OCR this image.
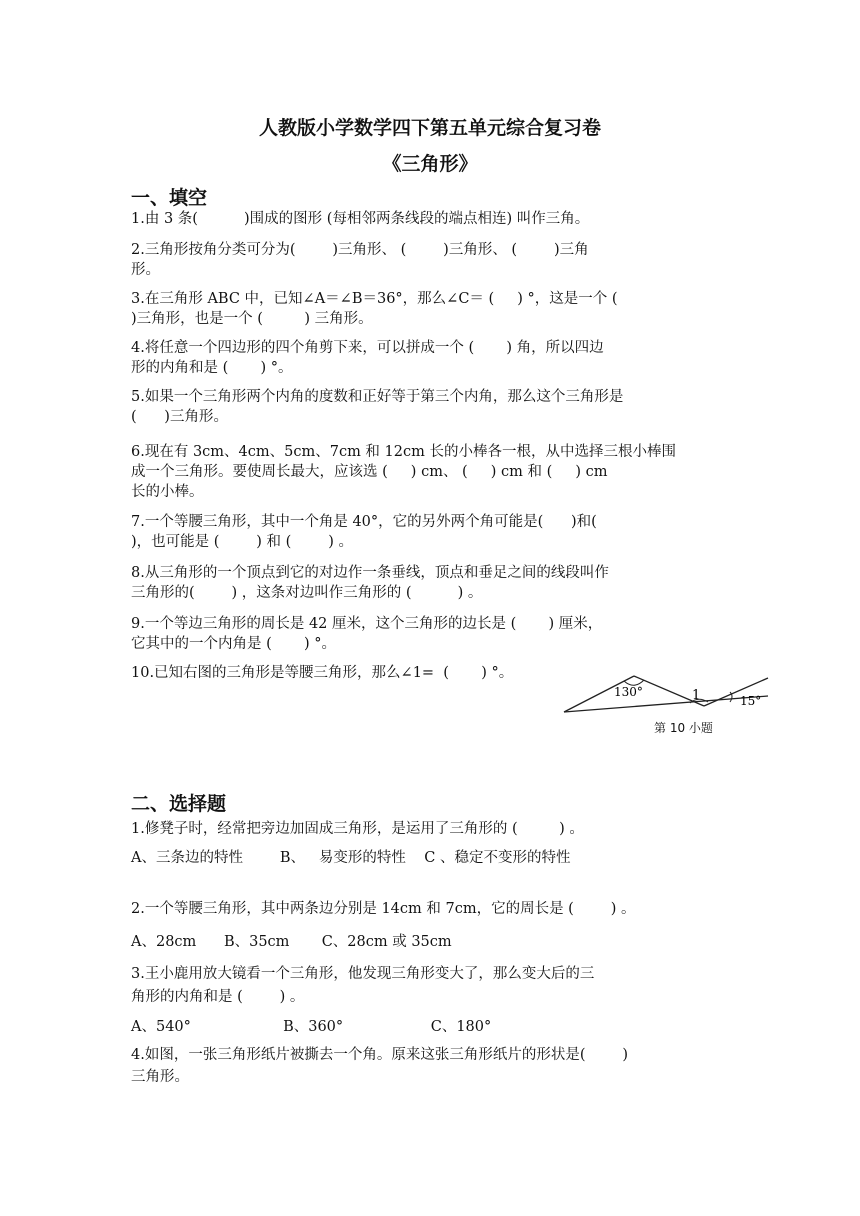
人教版小学数学四下第五单元综合复习卷
《三角形》
一、填空
1.由 3 条(          )围成的图形 (每相邻两条线段的端点相连) 叫作三角。
2.三角形按角分类可分为(        )三角形、 (        )三角形、 (        )三角
形。
3.在三角形 ABC 中，已知∠A＝∠B＝36°，那么∠C＝ (     ) °，这是一个 (
)三角形，也是一个 (         ) 三角形。
4.将任意一个四边形的四个角剪下来，可以拼成一个 (       ) 角，所以四边
形的内角和是 (       ) °。
5.如果一个三角形两个内角的度数和正好等于第三个内角，那么这个三角形是
(      )三角形。
6.现在有 3cm、4cm、5cm、7cm 和 12cm 长的小棒各一根，从中选择三根小棒围
成一个三角形。要使周长最大，应该选 (     ) cm、 (     ) cm 和 (     ) cm
长的小棒。
7.一个等腰三角形，其中一个角是 40°，它的另外两个角可能是(      )和(
)，也可能是 (        ) 和 (        ) 。
8.从三角形的一个顶点到它的对边作一条垂线，顶点和垂足之间的线段叫作
三角形的(        ) ，这条对边叫作三角形的 (          ) 。
9.一个等边三角形的周长是 42 厘米，这个三角形的边长是 (       ) 厘米，
它其中的一个内角是 (       ) °。
10.已知右图的三角形是等腰三角形，那么∠1=  (       ) °。
130°	1	15°
第 10 小题
二、选择题
1.修凳子时，经常把旁边加固成三角形，是运用了三角形的 (         ) 。
A、三条边的特性        B、   易变形的特性    C 、稳定不变形的特性
2.一个等腰三角形，其中两条边分别是 14cm 和 7cm，它的周长是 (        ) 。
A、28cm      B、35cm       C、28cm 或 35cm
3.王小鹿用放大镜看一个三角形，他发现三角形变大了，那么变大后的三
角形的内角和是 (        ) 。
A、540°                    B、360°                   C、180°
4.如图，一张三角形纸片被撕去一个角。原来这张三角形纸片的形状是(        )
三角形。
